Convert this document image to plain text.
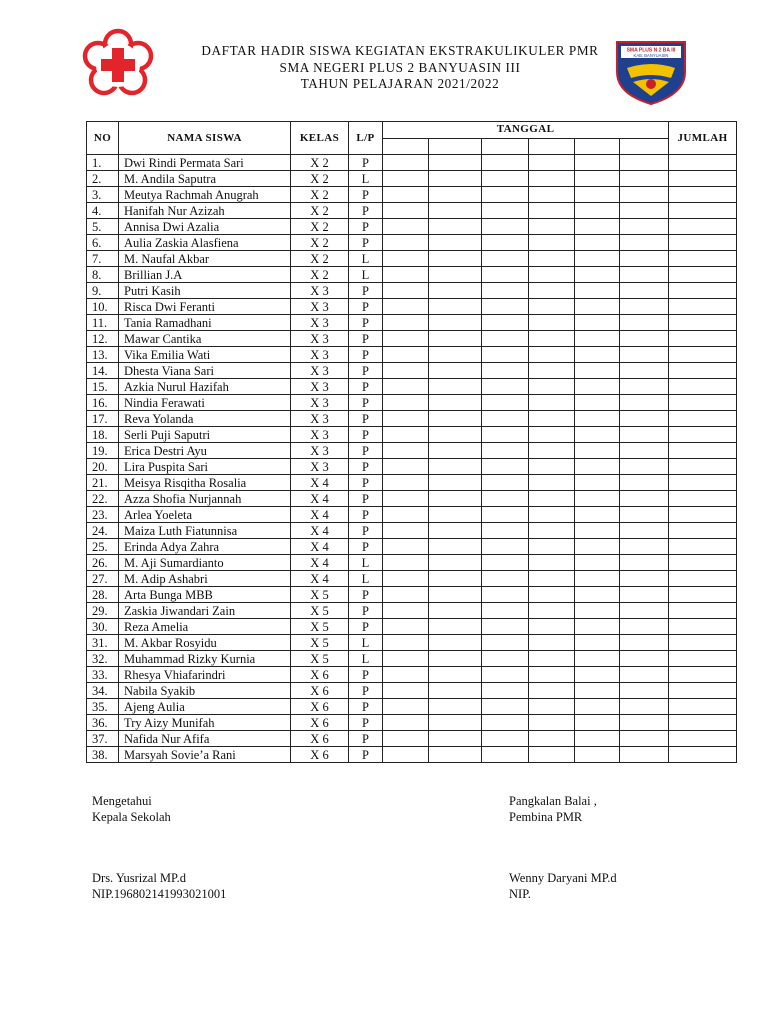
DAFTAR HADIR SISWA KEGIATAN EKSTRAKULIKULER PMR
SMA NEGERI PLUS 2 BANYUASIN III
TAHUN PELAJARAN 2021/2022
SMA PLUS N 2 BA III
KAB. BANYUASIN
NO	NAMA SISWA	KELAS	L/P	TANGGAL						JUMLAH

1.	Dwi Rindi Permata Sari	X 2	P							
2.	M. Andila Saputra	X 2	L							
3.	Meutya Rachmah Anugrah	X 2	P							
4.	Hanifah Nur Azizah	X 2	P							
5.	Annisa Dwi Azalia	X 2	P							
6.	Aulia Zaskia Alasfiena	X 2	P							
7.	M. Naufal Akbar	X 2	L							
8.	Brillian J.A	X 2	L							
9.	Putri Kasih	X 3	P							
10.	Risca Dwi Feranti	X 3	P							
11.	Tania Ramadhani	X 3	P							
12.	Mawar Cantika	X 3	P							
13.	Vika Emilia Wati	X 3	P							
14.	Dhesta Viana Sari	X 3	P							
15.	Azkia Nurul Hazifah	X 3	P							
16.	Nindia Ferawati	X 3	P							
17.	Reva Yolanda	X 3	P							
18.	Serli Puji Saputri	X 3	P							
19.	Erica Destri Ayu	X 3	P							
20.	Lira Puspita Sari	X 3	P							
21.	Meisya Risqitha Rosalia	X 4	P							
22.	Azza Shofia Nurjannah	X 4	P							
23.	Arlea Yoeleta	X 4	P							
24.	Maiza Luth Fiatunnisa	X 4	P							
25.	Erinda Adya Zahra	X 4	P							
26.	M. Aji Sumardianto	X 4	L							
27.	M. Adip Ashabri	X 4	L							
28.	Arta Bunga MBB	X 5	P							
29.	Zaskia Jiwandari Zain	X 5	P							
30.	Reza Amelia	X 5	P							
31.	M. Akbar Rosyidu	X 5	L							
32.	Muhammad Rizky Kurnia	X 5	L							
33.	Rhesya Vhiafarindri	X 6	P							
34.	Nabila Syakib	X 6	P							
35.	Ajeng Aulia	X 6	P							
36.	Try Aizy Munifah	X 6	P							
37.	Nafida Nur Afifa	X 6	P							
38.	Marsyah Sovie’a Rani	X 6	P							
Mengetahui
Kepala Sekolah
Drs. Yusrizal MP.d
NIP.196802141993021001
Pangkalan Balai ,
Pembina PMR
Wenny Daryani MP.d
NIP.
